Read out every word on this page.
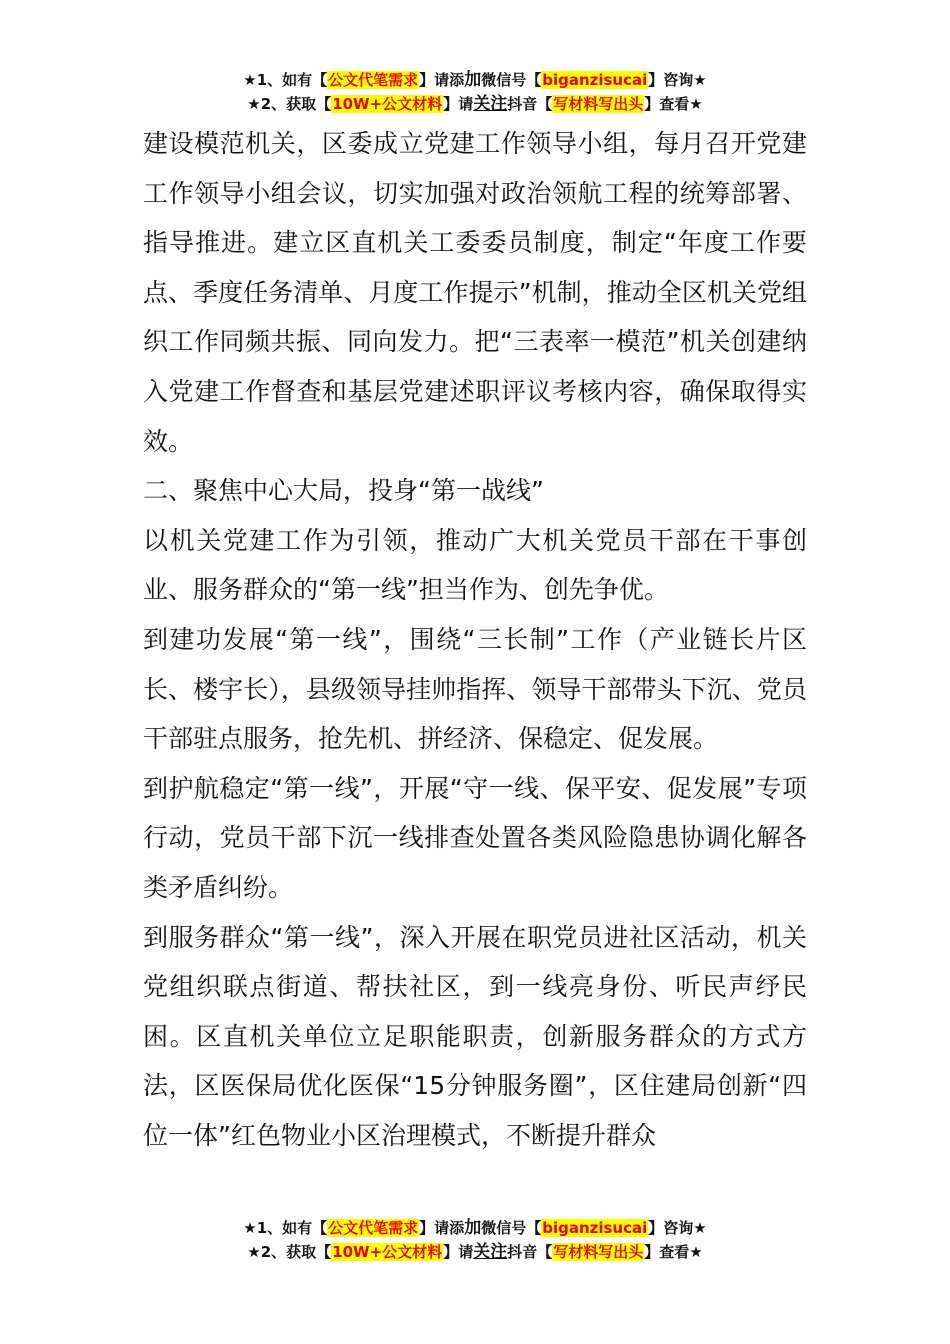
★1、如有【公文代笔需求】请添加微信号【biganzisucai】咨询★
★2、获取【10W+公文材料】请关注抖音【写材料写出头】查看★

建设模范机关，区委成立党建工作领导小组，每月召开党建工作领导小组会议，切实加强对政治领航工程的统筹部署、指导推进。建立区直机关工委委员制度，制定“年度工作要点、季度任务清单、月度工作提示”机制，推动全区机关党组织工作同频共振、同向发力。把“三表率一模范”机关创建纳入党建工作督查和基层党建述职评议考核内容，确保取得实效。

二、聚焦中心大局，投身“第一战线”

以机关党建工作为引领，推动广大机关党员干部在干事创业、服务群众的“第一线”担当作为、创先争优。

到建功发展“第一线”，围绕“三长制”工作（产业链长片区长、楼宇长），县级领导挂帅指挥、领导干部带头下沉、党员干部驻点服务，抢先机、拼经济、保稳定、促发展。

到护航稳定“第一线”，开展“守一线、保平安、促发展”专项行动，党员干部下沉一线排查处置各类风险隐患协调化解各类矛盾纠纷。

到服务群众“第一线”，深入开展在职党员进社区活动，机关党组织联点街道、帮扶社区，到一线亮身份、听民声纾民困。区直机关单位立足职能职责，创新服务群众的方式方法，区医保局优化医保“15分钟服务圈”，区住建局创新“四位一体”红色物业小区治理模式，不断提升群众

★1、如有【公文代笔需求】请添加微信号【biganzisucai】咨询★
★2、获取【10W+公文材料】请关注抖音【写材料写出头】查看★
